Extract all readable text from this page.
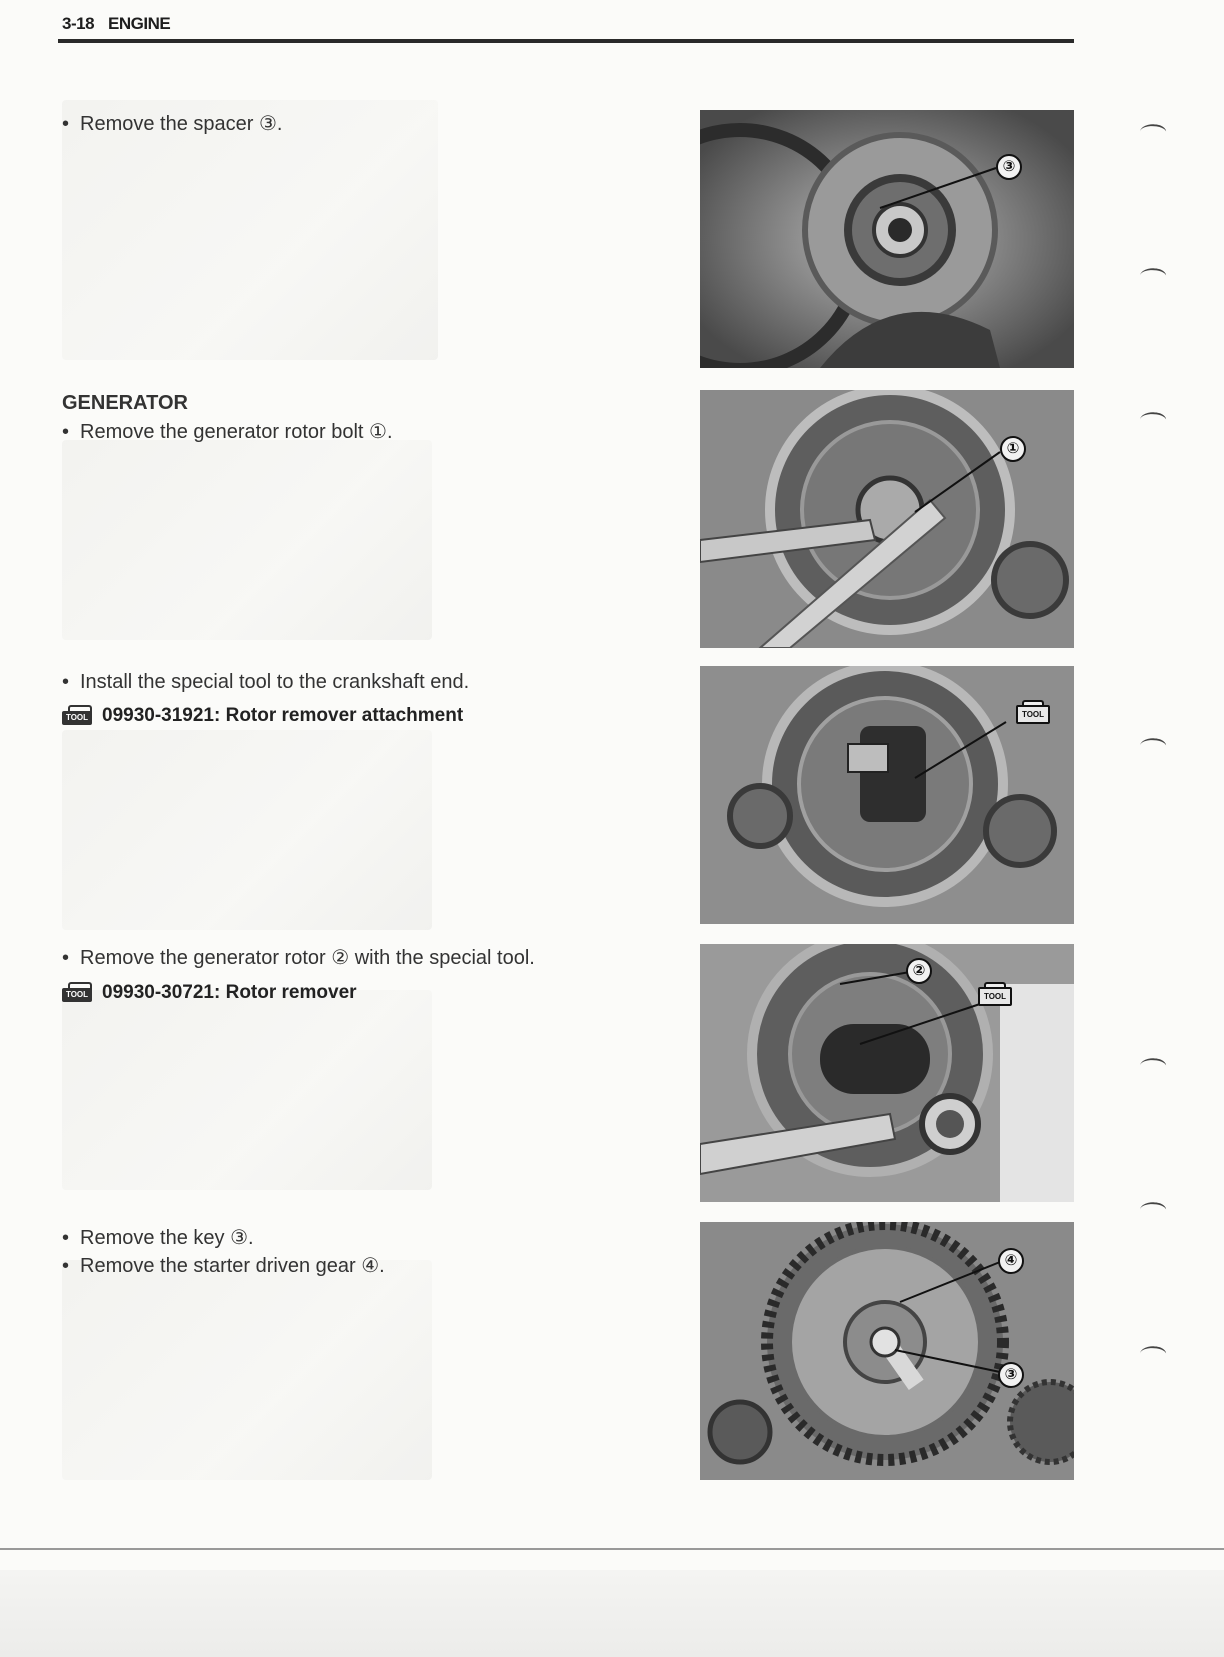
3-18 ENGINE
• Remove the spacer ③.
GENERATOR
• Remove the generator rotor bolt ①.
• Install the special tool to the crankshaft end.
TOOL 09930-31921: Rotor remover attachment
• Remove the generator rotor ② with the special tool.
TOOL 09930-30721: Rotor remover
• Remove the key ③.
• Remove the starter driven gear ④.
③
①
TOOL
②
TOOL
④
③
